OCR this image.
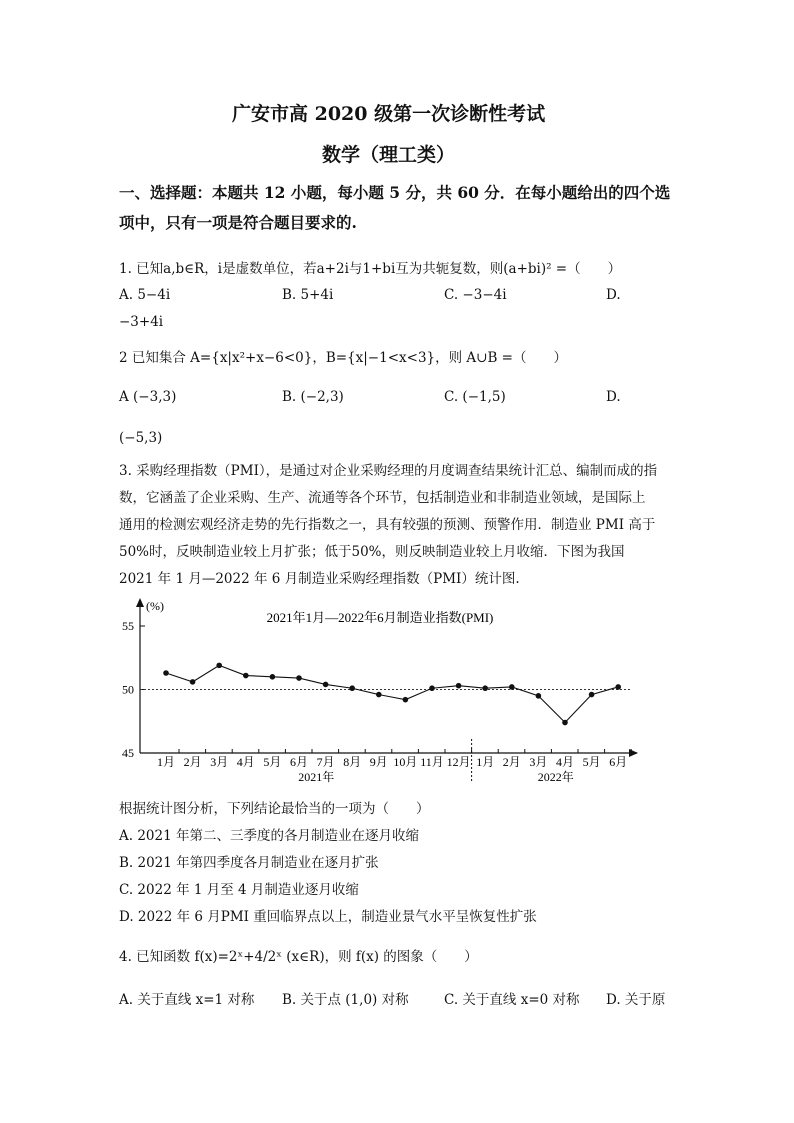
广安市高 2020 级第一次诊断性考试
数学（理工类）
一、选择题：本题共 12 小题，每小题 5 分，共 60 分．在每小题给出的四个选
项中，只有一项是符合题目要求的.
1. 已知a,b∈R，i是虚数单位，若a+2i与1+bi互为共轭复数，则(a+bi)² =（　　）
A. 5−4i	B. 5+4i	C. −3−4i	D.
−3+4i
2 已知集合 A={x|x²+x−6<0}，B={x|−1<x<3}，则 A∪B =（　　）
A (−3,3)	B. (−2,3)	C. (−1,5)	D.
(−5,3)
3. 采购经理指数（PMI），是通过对企业采购经理的月度调查结果统计汇总、编制而成的指
数，它涵盖了企业采购、生产、流通等各个环节，包括制造业和非制造业领域，是国际上
通用的检测宏观经济走势的先行指数之一，具有较强的预测、预警作用．制造业 PMI 高于
50%时，反映制造业较上月扩张；低于50%，则反映制造业较上月收缩．下图为我国
2021 年 1 月—2022 年 6 月制造业采购经理指数（PMI）统计图.
(%)
2021年1月—2022年6月制造业指数(PMI)
45
50
55
1月 2月 3月 4月 5月 6月 7月 8月 9月 10月 11月 12月 1月 2月 3月 4月 5月 6月
2021年	2022年
根据统计图分析，下列结论最恰当的一项为（　　）
A. 2021 年第二、三季度的各月制造业在逐月收缩
B. 2021 年第四季度各月制造业在逐月扩张
C. 2022 年 1 月至 4 月制造业逐月收缩
D. 2022 年 6 月PMI 重回临界点以上，制造业景气水平呈恢复性扩张
4. 已知函数 f(x)=2ˣ+4/2ˣ (x∈R)，则 f(x) 的图象（　　）
A. 关于直线 x=1 对称 B. 关于点 (1,0) 对称	C. 关于直线 x=0 对称 D. 关于原
